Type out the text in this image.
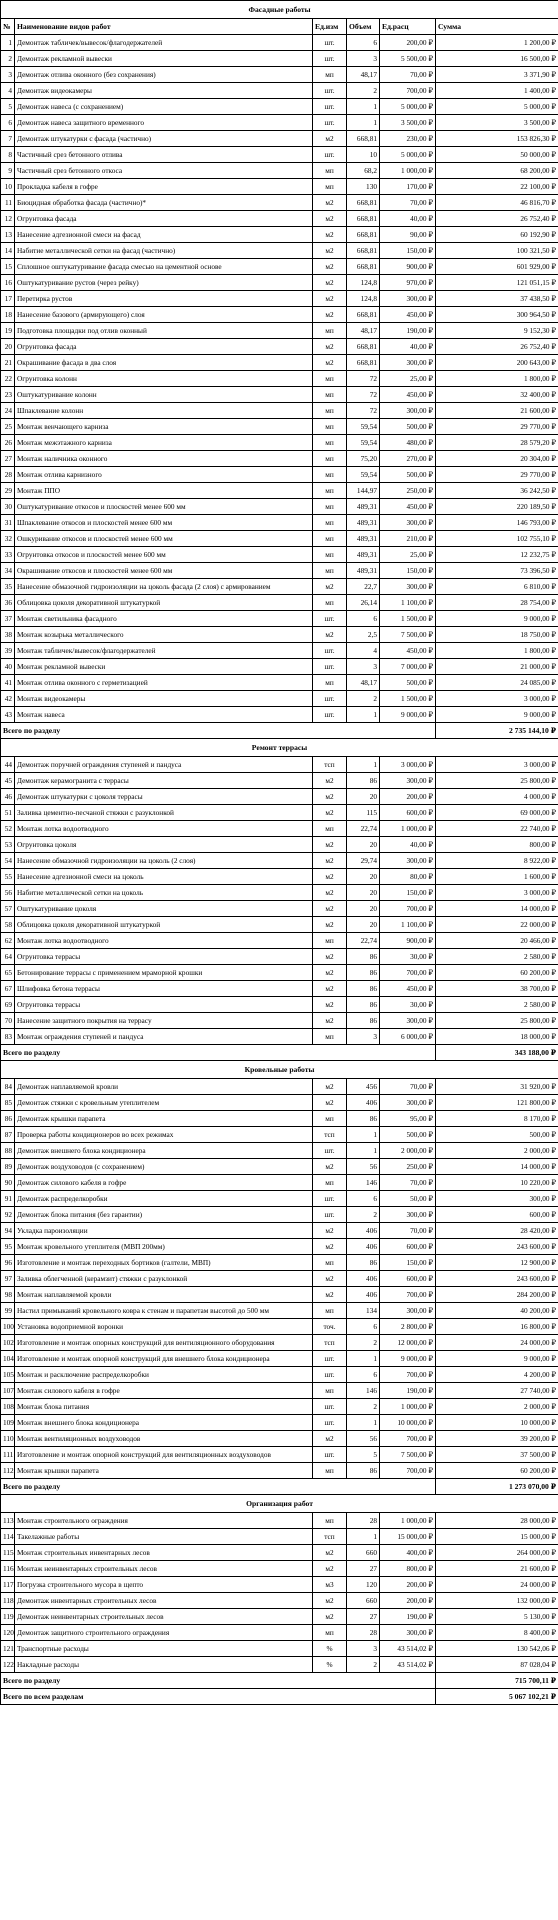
Фасадные работы					
№	Наименование видов работ	Ед.изм	Объем	Ед.расц	Сумма
1	Демонтаж табличек/вывесок/флагодержателей	шт.	6	200,00 ₽	1 200,00 ₽
2	Демонтаж рекламной вывески	шт.	3	5 500,00 ₽	16 500,00 ₽
3	Демонтаж отлива оконного (без сохранения)	мп	48,17	70,00 ₽	3 371,90 ₽
4	Демонтаж видеокамеры	шт.	2	700,00 ₽	1 400,00 ₽
5	Демонтаж навеса (с сохранением)	шт.	1	5 000,00 ₽	5 000,00 ₽
6	Демонтаж навеса защитного временного	шт.	1	3 500,00 ₽	3 500,00 ₽
7	Демонтаж штукатурки с фасада (частично)	м2	668,81	230,00 ₽	153 826,30 ₽
8	Частичный срез бетонного отлива	шт.	10	5 000,00 ₽	50 000,00 ₽
9	Частичный срез бетонного откоса	мп	68,2	1 000,00 ₽	68 200,00 ₽
10	Прокладка кабеля в гофре	мп	130	170,00 ₽	22 100,00 ₽
11	Биоцидная обработка фасада (частично)*	м2	668,81	70,00 ₽	46 816,70 ₽
12	Огрунтовка фасада	м2	668,81	40,00 ₽	26 752,40 ₽
13	Нанесение адгезионной смеси на фасад	м2	668,81	90,00 ₽	60 192,90 ₽
14	Набитие металлической сетки на фасад (частично)	м2	668,81	150,00 ₽	100 321,50 ₽
15	Сплошное оштукатуривание фасада смесью на цементной основе	м2	668,81	900,00 ₽	601 929,00 ₽
16	Оштукатуривание рустов (через рейку)	м2	124,8	970,00 ₽	121 051,15 ₽
17	Перетирка рустов	м2	124,8	300,00 ₽	37 438,50 ₽
18	Нанесение базового (армирующего) слоя	м2	668,81	450,00 ₽	300 964,50 ₽
19	Подготовка площадки под отлив оконный	мп	48,17	190,00 ₽	9 152,30 ₽
20	Огрунтовка фасада	м2	668,81	40,00 ₽	26 752,40 ₽
21	Окрашивание фасада в два слоя	м2	668,81	300,00 ₽	200 643,00 ₽
22	Огрунтовка колонн	мп	72	25,00 ₽	1 800,00 ₽
23	Оштукатуривание колонн	мп	72	450,00 ₽	32 400,00 ₽
24	Шпаклевание колонн	мп	72	300,00 ₽	21 600,00 ₽
25	Монтаж венчающего карниза	мп	59,54	500,00 ₽	29 770,00 ₽
26	Монтаж межэтажного карниза	мп	59,54	480,00 ₽	28 579,20 ₽
27	Монтаж наличника оконного	мп	75,20	270,00 ₽	20 304,00 ₽
28	Монтаж отлива карнизного	мп	59,54	500,00 ₽	29 770,00 ₽
29	Монтаж ППО	мп	144,97	250,00 ₽	36 242,50 ₽
30	Оштукатуривание откосов и плоскостей менее 600 мм	мп	489,31	450,00 ₽	220 189,50 ₽
31	Шпаклевание откосов и плоскостей менее 600 мм	мп	489,31	300,00 ₽	146 793,00 ₽
32	Ошкуривание откосов и плоскостей менее 600 мм	мп	489,31	210,00 ₽	102 755,10 ₽
33	Огрунтовка откосов и плоскостей менее 600 мм	мп	489,31	25,00 ₽	12 232,75 ₽
34	Окрашивание откосов и плоскостей менее 600 мм	мп	489,31	150,00 ₽	73 396,50 ₽
35	Нанесение обмазочной гидроизоляции на цоколь фасада (2 слоя) с армированием	м2	22,7	300,00 ₽	6 810,00 ₽
36	Облицовка цоколя декоративной штукатуркой	мп	26,14	1 100,00 ₽	28 754,00 ₽
37	Монтаж светильника фасадного	шт.	6	1 500,00 ₽	9 000,00 ₽
38	Монтаж козырька металлического	м2	2,5	7 500,00 ₽	18 750,00 ₽
39	Монтаж табличек/вывесок/флагодержателей	шт.	4	450,00 ₽	1 800,00 ₽
40	Монтаж рекламной вывески	шт.	3	7 000,00 ₽	21 000,00 ₽
41	Монтаж отлива оконного с герметизацией	мп	48,17	500,00 ₽	24 085,00 ₽
42	Монтаж видеокамеры	шт.	2	1 500,00 ₽	3 000,00 ₽
43	Монтаж навеса	шт.	1	9 000,00 ₽	9 000,00 ₽
Всего по разделу					2 735 144,10 ₽
Ремонт террасы					
44	Демонтаж поручней ограждения ступеней и пандуса	тсп	1	3 000,00 ₽	3 000,00 ₽
45	Демонтаж керамогранита с террасы	м2	86	300,00 ₽	25 800,00 ₽
46	Демонтаж штукатурки с цоколя террасы	м2	20	200,00 ₽	4 000,00 ₽
51	Заливка цементно-песчаной стяжки с разуклонкой	м2	115	600,00 ₽	69 000,00 ₽
52	Монтаж лотка водоотводного	мп	22,74	1 000,00 ₽	22 740,00 ₽
53	Огрунтовка цоколя	м2	20	40,00 ₽	800,00 ₽
54	Нанесение обмазочной гидроизоляции на цоколь (2 слоя)	м2	29,74	300,00 ₽	8 922,00 ₽
55	Нанесение адгезионной смеси на цоколь	м2	20	80,00 ₽	1 600,00 ₽
56	Набитие металлической сетки на цоколь	м2	20	150,00 ₽	3 000,00 ₽
57	Оштукатуривание цоколя	м2	20	700,00 ₽	14 000,00 ₽
58	Облицовка цоколя декоративной штукатуркой	м2	20	1 100,00 ₽	22 000,00 ₽
62	Монтаж лотка водоотводного	мп	22,74	900,00 ₽	20 466,00 ₽
64	Огрунтовка террасы	м2	86	30,00 ₽	2 580,00 ₽
65	Бетонирование террасы с применением мраморной крошки	м2	86	700,00 ₽	60 200,00 ₽
67	Шлифовка бетона террасы	м2	86	450,00 ₽	38 700,00 ₽
69	Огрунтовка террасы	м2	86	30,00 ₽	2 580,00 ₽
70	Нанесение защитного покрытия на террасу	м2	86	300,00 ₽	25 800,00 ₽
83	Монтаж ограждения ступеней и пандуса	мп	3	6 000,00 ₽	18 000,00 ₽
Всего по разделу					343 188,00 ₽
Кровельные работы					
84	Демонтаж наплавляемой кровли	м2	456	70,00 ₽	31 920,00 ₽
85	Демонтаж стяжки с кровельным утеплителем	м2	406	300,00 ₽	121 800,00 ₽
86	Демонтаж крышки парапета	мп	86	95,00 ₽	8 170,00 ₽
87	Проверка работы кондиционеров во всех режимах	тсп	1	500,00 ₽	500,00 ₽
88	Демонтаж внешнего блока кондиционера	шт.	1	2 000,00 ₽	2 000,00 ₽
89	Демонтаж воздуховодов (с сохранением)	м2	56	250,00 ₽	14 000,00 ₽
90	Демонтаж силового кабеля в гофре	мп	146	70,00 ₽	10 220,00 ₽
91	Демонтаж распределкоробки	шт.	6	50,00 ₽	300,00 ₽
92	Демонтаж блока питания (без гарантии)	шт.	2	300,00 ₽	600,00 ₽
94	Укладка пароизоляции	м2	406	70,00 ₽	28 420,00 ₽
95	Монтаж кровельного утеплителя (МВП 200мм)	м2	406	600,00 ₽	243 600,00 ₽
96	Изготовление и монтаж переходных бортиков (галтели, МВП)	мп	86	150,00 ₽	12 900,00 ₽
97	Заливка облегченной (керамзит) стяжки с разуклонкой	м2	406	600,00 ₽	243 600,00 ₽
98	Монтаж наплавляемой кровли	м2	406	700,00 ₽	284 200,00 ₽
99	Настил примыканий кровельного ковра к стенам и парапетам высотой до 500 мм	мп	134	300,00 ₽	40 200,00 ₽
100	Установка водоприемной воронки	точ.	6	2 800,00 ₽	16 800,00 ₽
102	Изготовление и монтаж опорных конструкций для вентиляционного оборудования	тсп	2	12 000,00 ₽	24 000,00 ₽
104	Изготовление и монтаж опорной конструкций для внешнего блока кондиционера	шт.	1	9 000,00 ₽	9 000,00 ₽
105	Монтаж и расключение распределкоробки	шт.	6	700,00 ₽	4 200,00 ₽
107	Монтаж силового кабеля в гофре	мп	146	190,00 ₽	27 740,00 ₽
108	Монтаж блока питания	шт.	2	1 000,00 ₽	2 000,00 ₽
109	Монтаж внешнего блока кондиционера	шт.	1	10 000,00 ₽	10 000,00 ₽
110	Монтаж вентиляционных воздуховодов	м2	56	700,00 ₽	39 200,00 ₽
111	Изготовление и монтаж опорной конструкций для вентиляционных воздуховодов	шт.	5	7 500,00 ₽	37 500,00 ₽
112	Монтаж крышки парапета	мп	86	700,00 ₽	60 200,00 ₽
Всего по разделу					1 273 070,00 ₽
Организация работ					
113	Монтаж строительного ограждения	мп	28	1 000,00 ₽	28 000,00 ₽
114	Такелажные работы	тсп	1	15 000,00 ₽	15 000,00 ₽
115	Монтаж строительных инвентарных лесов	м2	660	400,00 ₽	264 000,00 ₽
116	Монтаж неинвентарных строительных лесов	м2	27	800,00 ₽	21 600,00 ₽
117	Погрузка строительного мусора в щепто	м3	120	200,00 ₽	24 000,00 ₽
118	Демонтаж инвентарных строительных лесов	м2	660	200,00 ₽	132 000,00 ₽
119	Демонтаж неинвентарных строительных лесов	м2	27	190,00 ₽	5 130,00 ₽
120	Демонтаж защитного строительного ограждения	мп	28	300,00 ₽	8 400,00 ₽
121	Транспортные расходы	%	3	43 514,02 ₽	130 542,06 ₽
122	Накладные расходы	%	2	43 514,02 ₽	87 028,04 ₽
Всего по разделу					715 700,11 ₽
Всего по всем разделам					5 067 102,21 ₽
